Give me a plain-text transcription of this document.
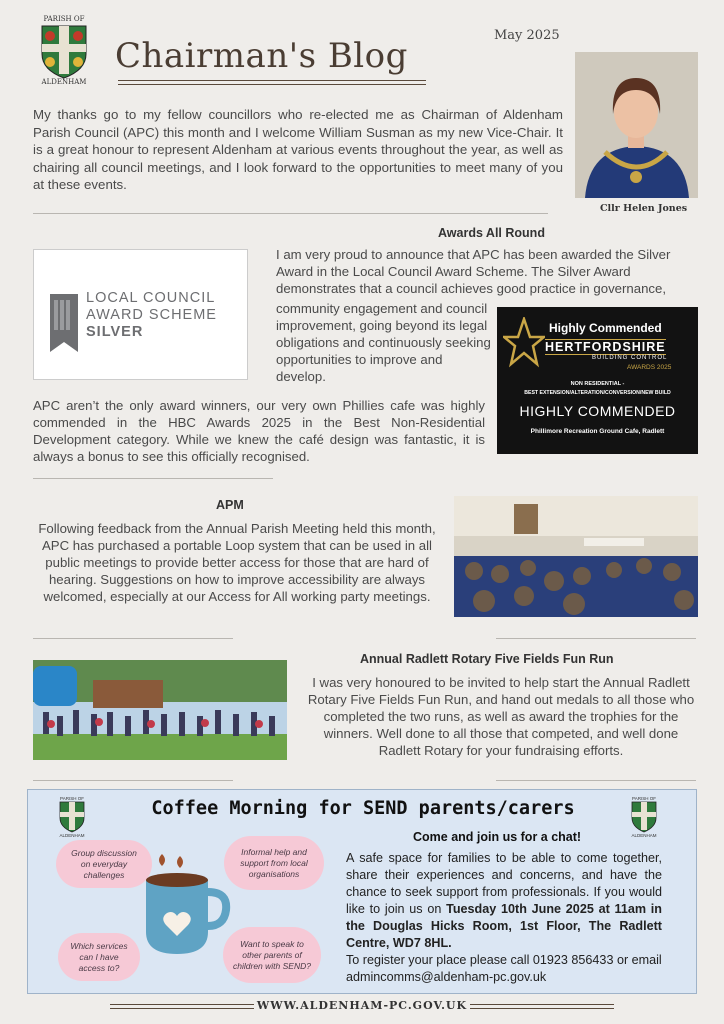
PARISH OF
ALDENHAM
Chairman's Blog
May 2025
Cllr Helen Jones

My thanks go to my fellow councillors who re-elected me as Chairman of Aldenham Parish Council (APC) this month and I welcome William Susman as my new Vice-Chair. It is a great honour to represent Aldenham at various events throughout the year, as well as chairing all council meetings, and I look forward to the opportunities to meet many of you at these events.

Awards All Round
LOCAL COUNCIL
AWARD SCHEME
SILVER

I am very proud to announce that APC has been awarded the Silver Award in the Local Council Award Scheme. The Silver Award demonstrates that a council achieves good practice in governance,

community engagement and council improvement, going beyond its legal obligations and continuously seeking opportunities to improve and develop.

Highly Commended
HERTFORDSHIRE
BUILDING CONTROL
AWARDS 2025
NON RESIDENTIAL -
BEST EXTENSION/ALTERATION/CONVERSION/NEW BUILD
HIGHLY COMMENDED
Phillimore Recreation Ground Cafe, Radlett

APC aren’t the only award winners, our very own Phillies cafe was highly commended in the HBC Awards 2025 in the Best Non-Residential Development category. While we knew the café design was fantastic, it is always a bonus to see this officially recognised.

APM

Following feedback from the Annual Parish Meeting held this month, APC has purchased a portable Loop system that can be used in all public meetings to provide better access for those that are hard of hearing. Suggestions on how to improve accessibility are always welcomed, especially at our Access for All working party meetings.

Annual Radlett Rotary Five Fields Fun Run

I was very honoured to be invited to help start the Annual Radlett Rotary Five Fields Fun Run, and hand out medals to all those who completed the two runs, as well as award the trophies for the winners. Well done to all those that competed, and well done Radlett Rotary for your fundraising efforts.

PARISH OF
ALDENHAM
PARISH OF
ALDENHAM
Coffee Morning for SEND parents/carers
Group discussion on everyday challenges
Informal help and support from local organisations
Which services can I have access to?
Want to speak to other parents of children with SEND?
Come and join us for a chat!

A safe space for families to be able to come together, share their experiences and concerns, and have the chance to seek support from professionals. If you would like to join us on Tuesday 10th June 2025 at 11am in the Douglas Hicks Room, 1st Floor, The Radlett Centre, WD7 8HL.

To register your place please call 01923 856433 or email admincomms@aldenham-pc.gov.uk

WWW.ALDENHAM-PC.GOV.UK
